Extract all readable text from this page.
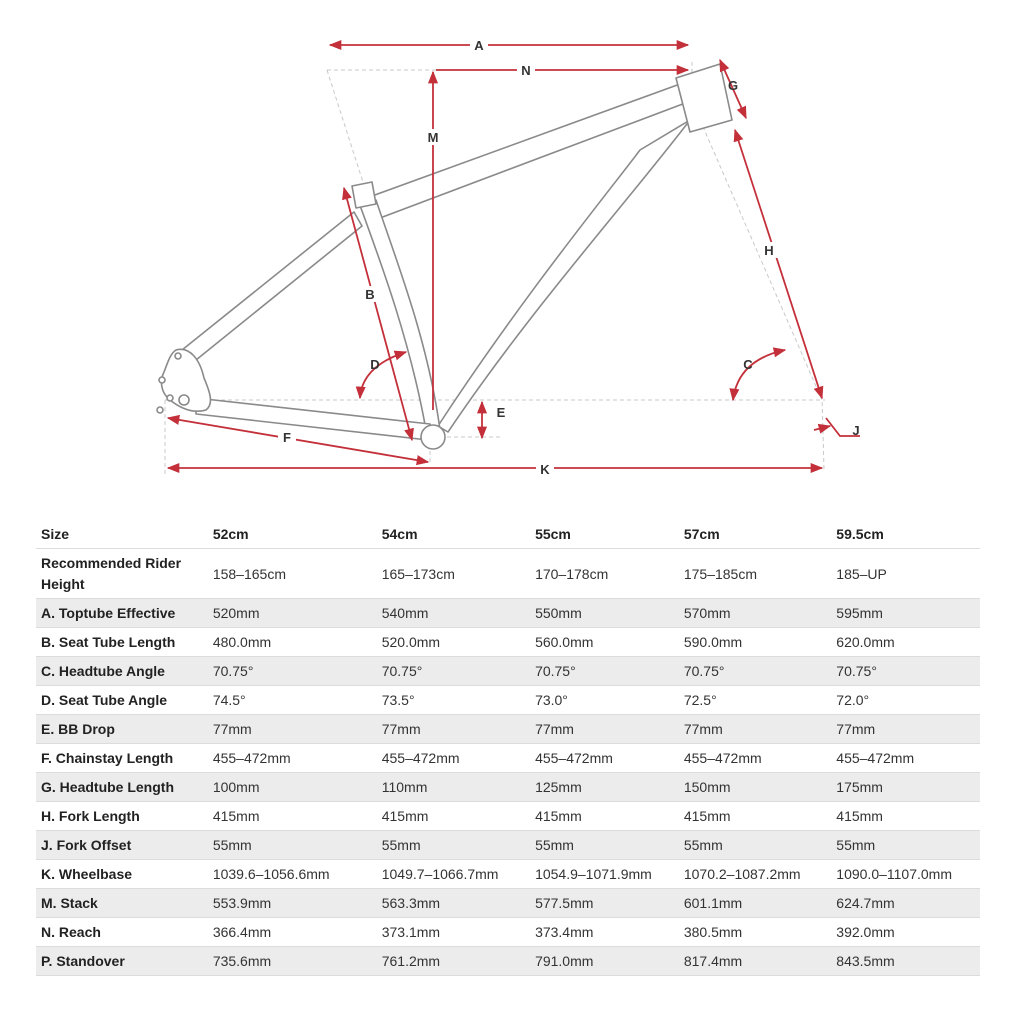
A
N
M
G
H
B
D	C
E
F	J
K
Size	52cm	54cm	55cm	57cm	59.5cm
Recommended Rider Height	158–165cm	165–173cm	170–178cm	175–185cm	185–UP
A. Toptube Effective	520mm	540mm	550mm	570mm	595mm
B. Seat Tube Length	480.0mm	520.0mm	560.0mm	590.0mm	620.0mm
C. Headtube Angle	70.75°	70.75°	70.75°	70.75°	70.75°
D. Seat Tube Angle	74.5°	73.5°	73.0°	72.5°	72.0°
E. BB Drop	77mm	77mm	77mm	77mm	77mm
F. Chainstay Length	455–472mm	455–472mm	455–472mm	455–472mm	455–472mm
G. Headtube Length	100mm	110mm	125mm	150mm	175mm
H. Fork Length	415mm	415mm	415mm	415mm	415mm
J. Fork Offset	55mm	55mm	55mm	55mm	55mm
K. Wheelbase	1039.6–1056.6mm	1049.7–1066.7mm	1054.9–1071.9mm	1070.2–1087.2mm	1090.0–1107.0mm
M. Stack	553.9mm	563.3mm	577.5mm	601.1mm	624.7mm
N. Reach	366.4mm	373.1mm	373.4mm	380.5mm	392.0mm
P. Standover	735.6mm	761.2mm	791.0mm	817.4mm	843.5mm
